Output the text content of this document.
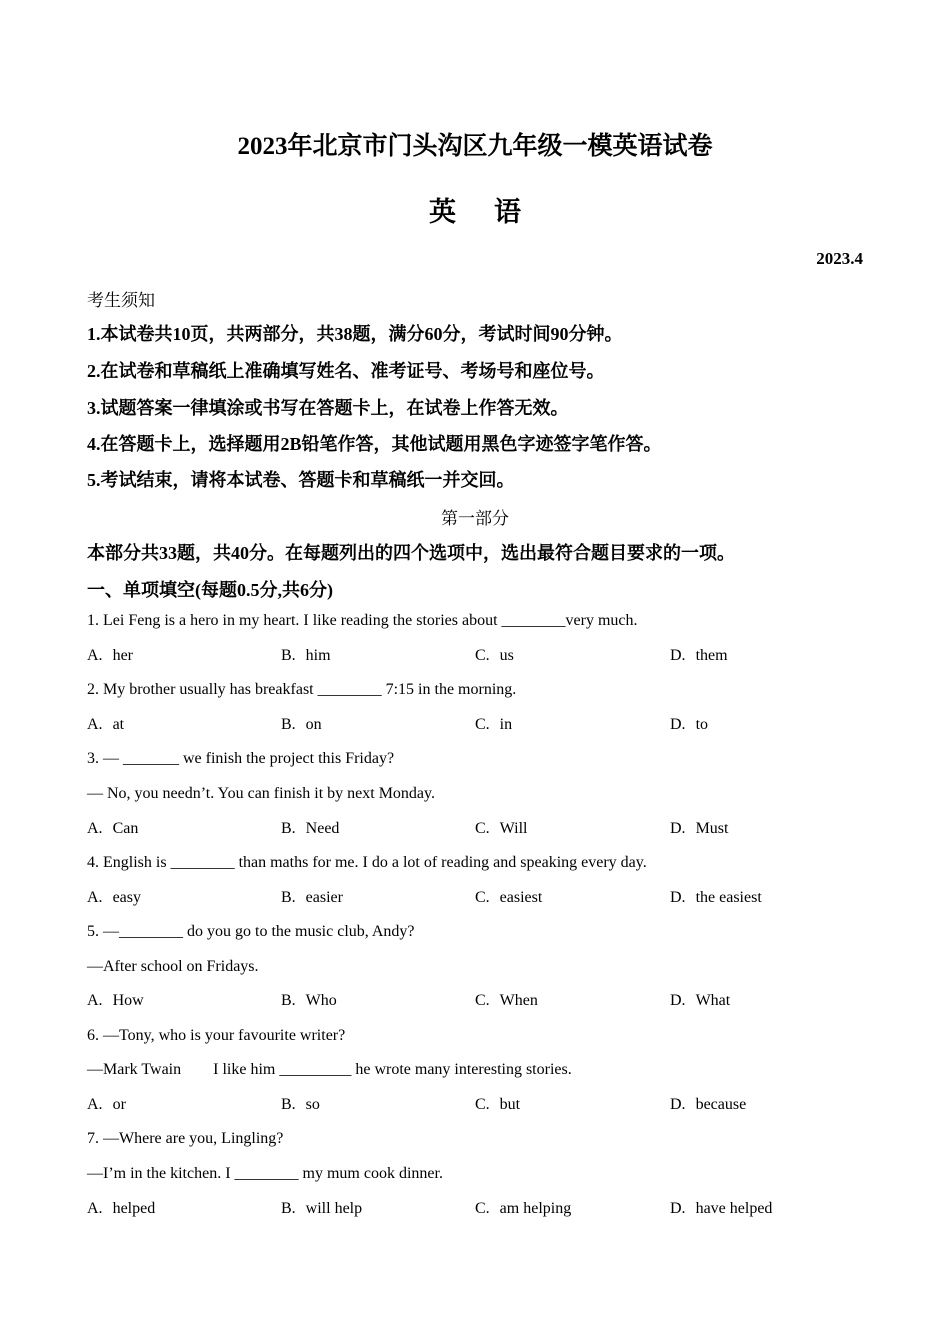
2023年北京市门头沟区九年级一模英语试卷
英语
2023.4
考生须知
1.本试卷共10页，共两部分，共38题，满分60分，考试时间90分钟。
2.在试卷和草稿纸上准确填写姓名、准考证号、考场号和座位号。
3.试题答案一律填涂或书写在答题卡上，在试卷上作答无效。
4.在答题卡上，选择题用2B铅笔作答，其他试题用黑色字迹签字笔作答。
5.考试结束，请将本试卷、答题卡和草稿纸一并交回。
第一部分
本部分共33题，共40分。在每题列出的四个选项中，选出最符合题目要求的一项。
一、单项填空(每题0.5分,共6分)
1. Lei Feng is a hero in my heart. I like reading the stories about ________very much.
A. her	B. him	C. us	D. them
2. My brother usually has breakfast ________ 7:15 in the morning.
A. at	B. on	C. in	D. to
3. — _______ we finish the project this Friday?
— No, you needn’t. You can finish it by next Monday.
A. Can	B. Need	C. Will	D. Must
4. English is ________ than maths for me. I do a lot of reading and speaking every day.
A. easy	B. easier	C. easiest	D. the easiest
5. —________ do you go to the music club, Andy?
—After school on Fridays.
A. How	B. Who	C. When	D. What
6. —Tony, who is your favourite writer?
—Mark Twain        I like him _________ he wrote many interesting stories.
A. or	B. so	C. but	D. because
7. —Where are you, Lingling?
—I’m in the kitchen. I ________ my mum cook dinner.
A. helped	B. will help	C. am helping	D. have helped
